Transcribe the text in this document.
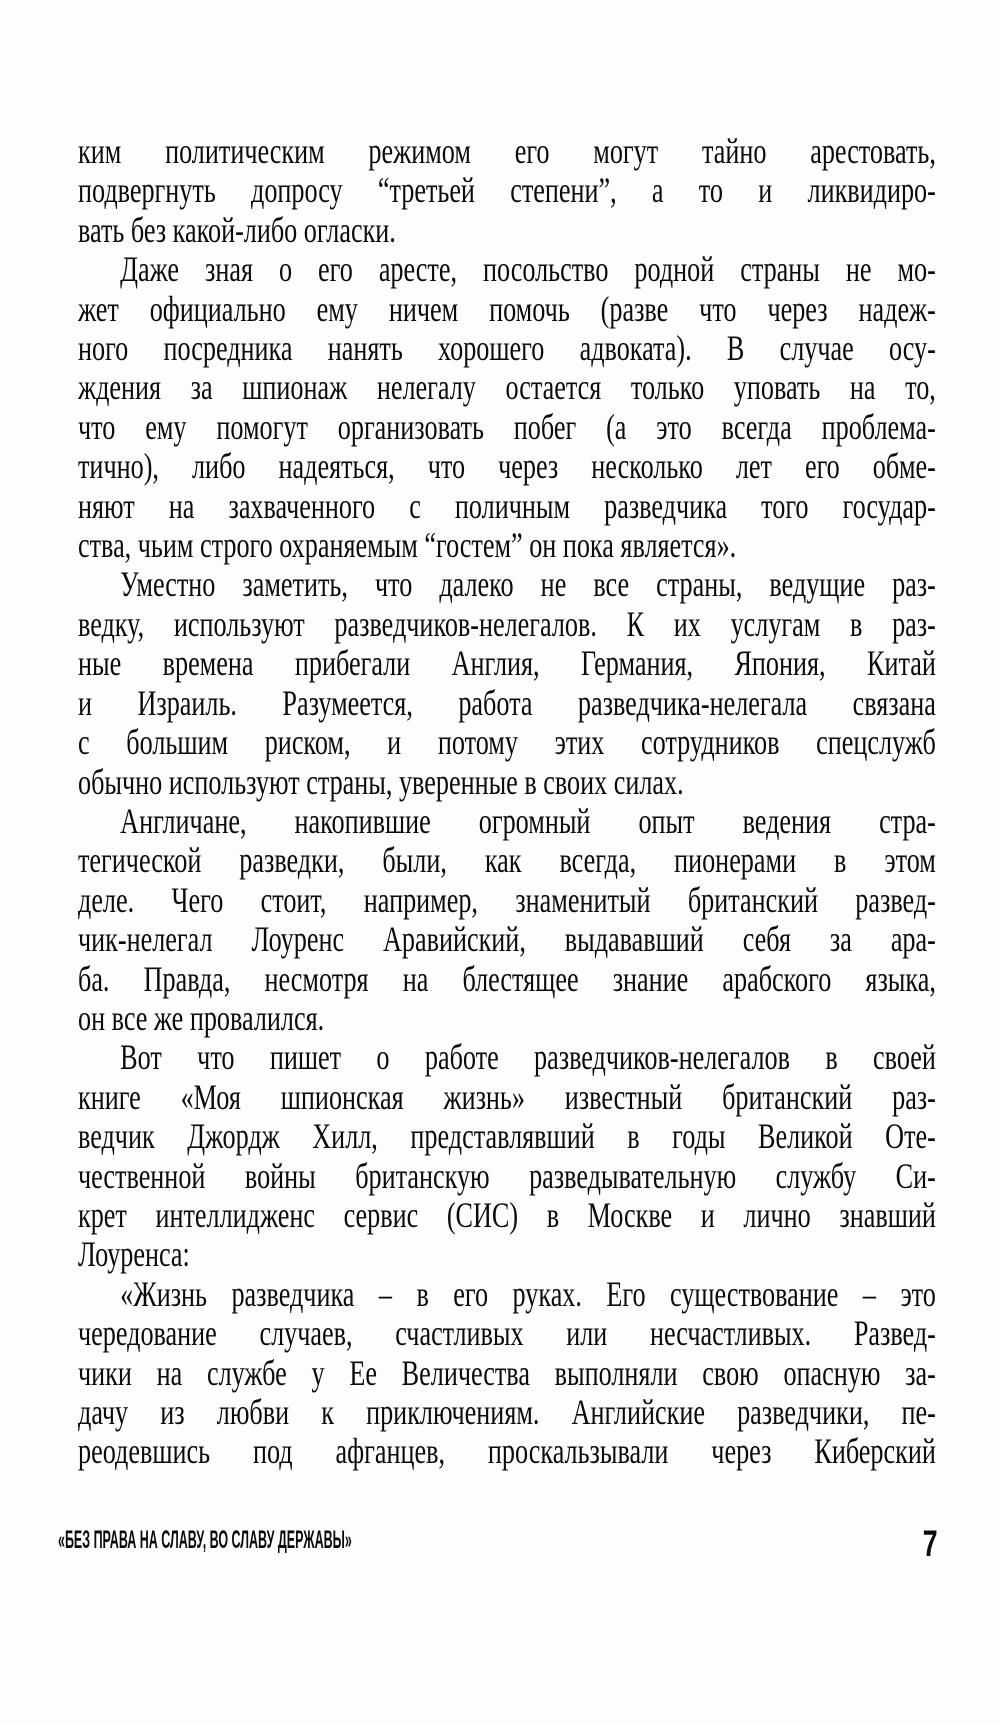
ким политическим режимом его могут тайно арестовать,
подвергнуть допросу “третьей степени”, а то и ликвидиро-
вать без какой-либо огласки.
Даже зная о его аресте, посольство родной страны не мо-
жет официально ему ничем помочь (разве что через надеж-
ного посредника нанять хорошего адвоката). В случае осу-
ждения за шпионаж нелегалу остается только уповать на то,
что ему помогут организовать побег (а это всегда проблема-
тично), либо надеяться, что через несколько лет его обме-
няют на захваченного с поличным разведчика того государ-
ства, чьим строго охраняемым “гостем” он пока является».
Уместно заметить, что далеко не все страны, ведущие раз-
ведку, используют разведчиков-нелегалов. К их услугам в раз-
ные времена прибегали Англия, Германия, Япония, Китай
и Израиль. Разумеется, работа разведчика-нелегала связана
с большим риском, и потому этих сотрудников спецслужб
обычно используют страны, уверенные в своих силах.
Англичане, накопившие огромный опыт ведения стра-
тегической разведки, были, как всегда, пионерами в этом
деле. Чего стоит, например, знаменитый британский развед-
чик-нелегал Лоуренс Аравийский, выдававший себя за ара-
ба. Правда, несмотря на блестящее знание арабского языка,
он все же провалился.
Вот что пишет о работе разведчиков-нелегалов в своей
книге «Моя шпионская жизнь» известный британский раз-
ведчик Джордж Хилл, представлявший в годы Великой Оте-
чественной войны британскую разведывательную службу Си-
крет интеллидженс сервис (СИС) в Москве и лично знавший
Лоуренса:
«Жизнь разведчика – в его руках. Его существование – это
чередование случаев, счастливых или несчастливых. Развед-
чики на службе у Ее Величества выполняли свою опасную за-
дачу из любви к приключениям. Английские разведчики, пе-
реодевшись под афганцев, проскальзывали через Киберский
«БЕЗ ПРАВА НА СЛАВУ, ВО СЛАВУ ДЕРЖАВЫ»	7
